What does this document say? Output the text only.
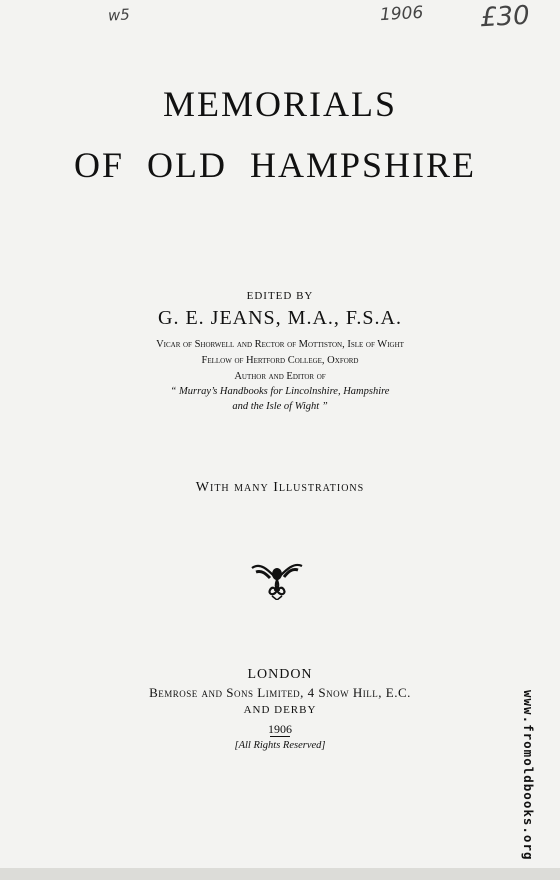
w5	1906 £30
MEMORIALS
OF OLD HAMPSHIRE
EDITED BY
G. E. JEANS, M.A., F.S.A.
Vicar of Shorwell and Rector of Mottiston, Isle of Wight
Fellow of Hertford College, Oxford
Author and Editor of
“ Murray’s Handbooks for Lincolnshire, Hampshire
and the Isle of Wight ”
With many Illustrations
LONDON
Bemrose and Sons Limited, 4 Snow Hill, E.C.
AND DERBY
1906
[All Rights Reserved]	www.fromoldbooks.org
